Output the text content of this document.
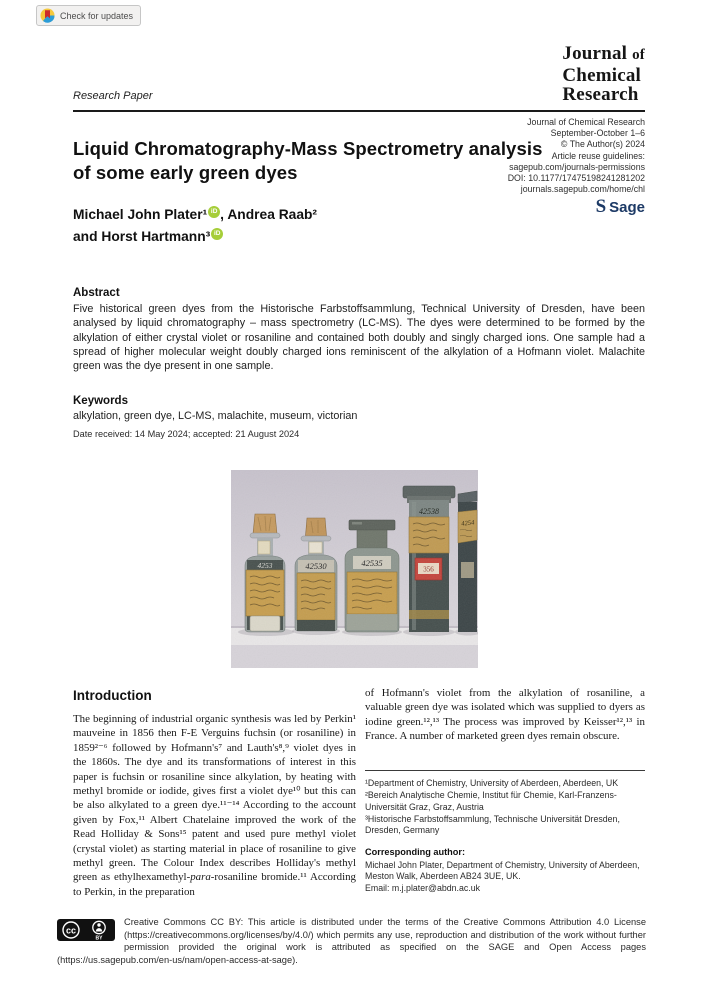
Check for updates
Research Paper
Journal of
Chemical
Research
Liquid Chromatography-Mass Spectrometry analysis of some early green dyes
Journal of Chemical Research
September-October 1–6
© The Author(s) 2024
Article reuse guidelines:
sagepub.com/journals-permissions
DOI: 10.1177/17475198241281202
journals.sagepub.com/home/chl
S Sage
Michael John Plater¹ iD , Andrea Raab²
and Horst Hartmann³ iD
Abstract

Five historical green dyes from the Historische Farbstoffsammlung, Technical University of Dresden, have been analysed by liquid chromatography – mass spectrometry (LC-MS). The dyes were determined to be formed by the alkylation of either crystal violet or rosaniline and contained both doubly and singly charged ions. One sample had a spread of higher molecular weight doubly charged ions reminiscent of the alkylation of a Hofmann violet. Malachite green was the dye present in one sample.

Keywords

alkylation, green dye, LC-MS, malachite, museum, victorian

Date received: 14 May 2024; accepted: 21 August 2024
Introduction

The beginning of industrial organic synthesis was led by Perkin¹ mauveine in 1856 then F-E Verguins fuchsin (or rosaniline) in 1859²⁻⁶ followed by Hofmann's⁷ and Lauth's⁸,⁹ violet dyes in the 1860s. The dye and its transformations of interest in this paper is fuchsin or rosaniline since alkylation, by heating with methyl bromide or iodide, gives first a violet dye¹⁰ but this can be also alkylated to a green dye.¹¹⁻¹⁴ According to the account given by Fox,¹¹ Albert Chatelaine improved the work of the Read Holliday & Sons¹⁵ patent and used pure methyl violet (crystal violet) as starting material in place of rosaniline to give methyl green. The Colour Index describes Holliday's methyl green as ethylhexamethyl-para-rosaniline bromide.¹¹ According to Perkin, in the preparation

of Hofmann's violet from the alkylation of rosaniline, a valuable green dye was isolated which was supplied to dyers as iodine green.¹²,¹³ The process was improved by Keisser¹²,¹³ in France. A number of marketed green dyes remain obscure.

¹Department of Chemistry, University of Aberdeen, Aberdeen, UK

²Bereich Analytische Chemie, Institut für Chemie, Karl-Franzens-Universität Graz, Graz, Austria

³Historische Farbstoffsammlung, Technische Universität Dresden, Dresden, Germany

Corresponding author:

Michael John Plater, Department of Chemistry, University of Aberdeen, Meston Walk, Aberdeen AB24 3UE, UK.

Email: m.j.plater@abdn.ac.uk

cc
BY
Creative Commons CC BY: This article is distributed under the terms of the Creative Commons Attribution 4.0 License (https://creativecommons.org/licenses/by/4.0/) which permits any use, reproduction and distribution of the work without further permission provided the original work is attributed as specified on the SAGE and Open Access pages (https://us.sagepub.com/en-us/nam/open-access-at-sage).
